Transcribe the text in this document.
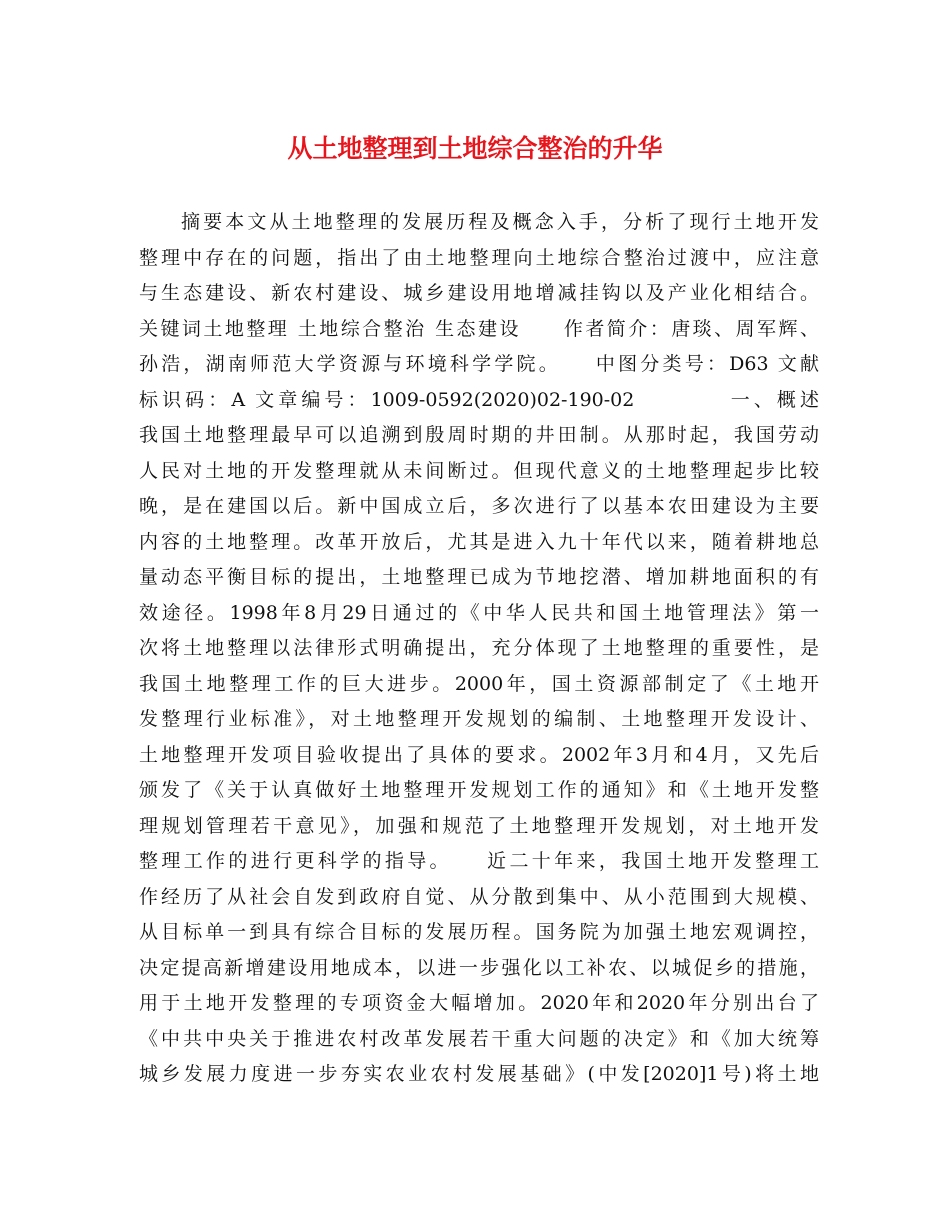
从土地整理到土地综合整治的升华
摘要本文从土地整理的发展历程及概念入手，分析了现行土地开发
整理中存在的问题，指出了由土地整理向土地综合整治过渡中，应注意
与生态建设、新农村建设、城乡建设用地增减挂钩以及产业化相结合。
关键词土地整理 土地综合整治 生态建设　　作者简介：唐琰、周军辉、
孙浩，湖南师范大学资源与环境科学学院。　　中图分类号：D63 文献
标识码：A 文章编号：1009-0592(2020)02-190-02　　　　一、概述
我国土地整理最早可以追溯到殷周时期的井田制。从那时起，我国劳动
人民对土地的开发整理就从未间断过。但现代意义的土地整理起步比较
晚，是在建国以后。新中国成立后，多次进行了以基本农田建设为主要
内容的土地整理。改革开放后，尤其是进入九十年代以来，随着耕地总
量动态平衡目标的提出，土地整理已成为节地挖潜、增加耕地面积的有
效途径。1998年8月29日通过的《中华人民共和国土地管理法》第一
次将土地整理以法律形式明确提出，充分体现了土地整理的重要性，是
我国土地整理工作的巨大进步。2000年，国土资源部制定了《土地开
发整理行业标准》，对土地整理开发规划的编制、土地整理开发设计、
土地整理开发项目验收提出了具体的要求。2002年3月和4月，又先后
颁发了《关于认真做好土地整理开发规划工作的通知》和《土地开发整
理规划管理若干意见》，加强和规范了土地整理开发规划，对土地开发
整理工作的进行更科学的指导。　　近二十年来，我国土地开发整理工
作经历了从社会自发到政府自觉、从分散到集中、从小范围到大规模、
从目标单一到具有综合目标的发展历程。国务院为加强土地宏观调控，
决定提高新增建设用地成本，以进一步强化以工补农、以城促乡的措施，
用于土地开发整理的专项资金大幅增加。2020年和2020年分别出台了
《中共中央关于推进农村改革发展若干重大问题的决定》和《加大统筹
城乡发展力度进一步夯实农业农村发展基础》(中发[2020]1号)将土地
